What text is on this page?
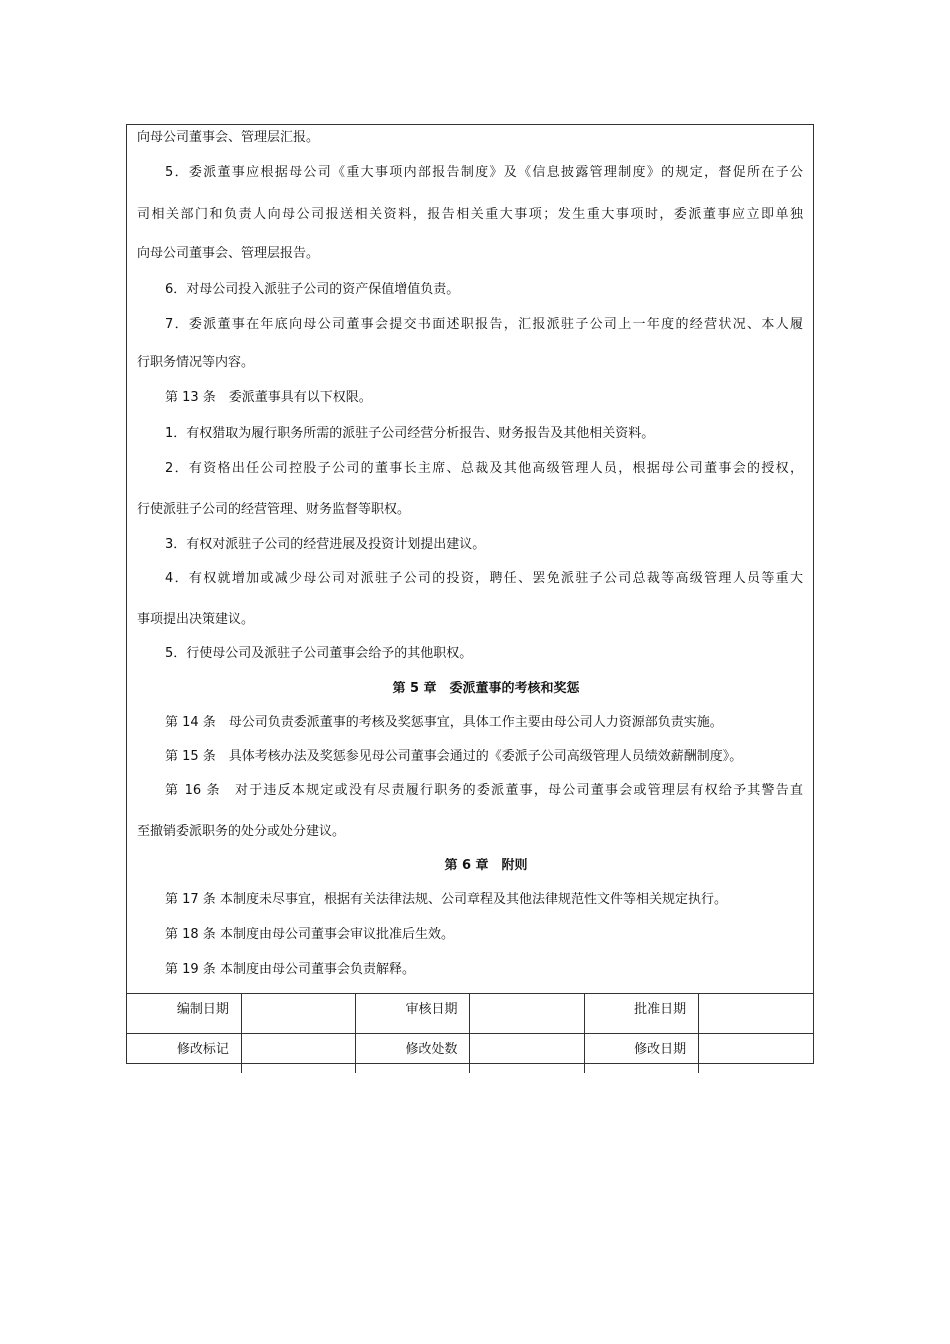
向母公司董事会、管理层汇报。
5．委派董事应根据母公司《重大事项内部报告制度》及《信息披露管理制度》的规定，督促所在子公
司相关部门和负责人向母公司报送相关资料，报告相关重大事项；发生重大事项时，委派董事应立即单独
向母公司董事会、管理层报告。
6．对母公司投入派驻子公司的资产保值增值负责。
7．委派董事在年底向母公司董事会提交书面述职报告，汇报派驻子公司上一年度的经营状况、本人履
行职务情况等内容。
第 13 条　委派董事具有以下权限。
1．有权猎取为履行职务所需的派驻子公司经营分析报告、财务报告及其他相关资料。
2．有资格出任公司控股子公司的董事长主席、总裁及其他高级管理人员，根据母公司董事会的授权，
行使派驻子公司的经营管理、财务监督等职权。
3．有权对派驻子公司的经营进展及投资计划提出建议。
4．有权就增加或减少母公司对派驻子公司的投资，聘任、罢免派驻子公司总裁等高级管理人员等重大
事项提出决策建议。
5．行使母公司及派驻子公司董事会给予的其他职权。
第 5 章　委派董事的考核和奖惩
第 14 条　母公司负责委派董事的考核及奖惩事宜，具体工作主要由母公司人力资源部负责实施。
第 15 条　具体考核办法及奖惩参见母公司董事会通过的《委派子公司高级管理人员绩效薪酬制度》。
第 16 条　对于违反本规定或没有尽责履行职务的委派董事，母公司董事会或管理层有权给予其警告直
至撤销委派职务的处分或处分建议。
第 6 章　附则
第 17 条 本制度未尽事宜，根据有关法律法规、公司章程及其他法律规范性文件等相关规定执行。
第 18 条 本制度由母公司董事会审议批准后生效。
第 19 条 本制度由母公司董事会负责解释。
编制日期		审核日期		批准日期	
修改标记		修改处数		修改日期	
